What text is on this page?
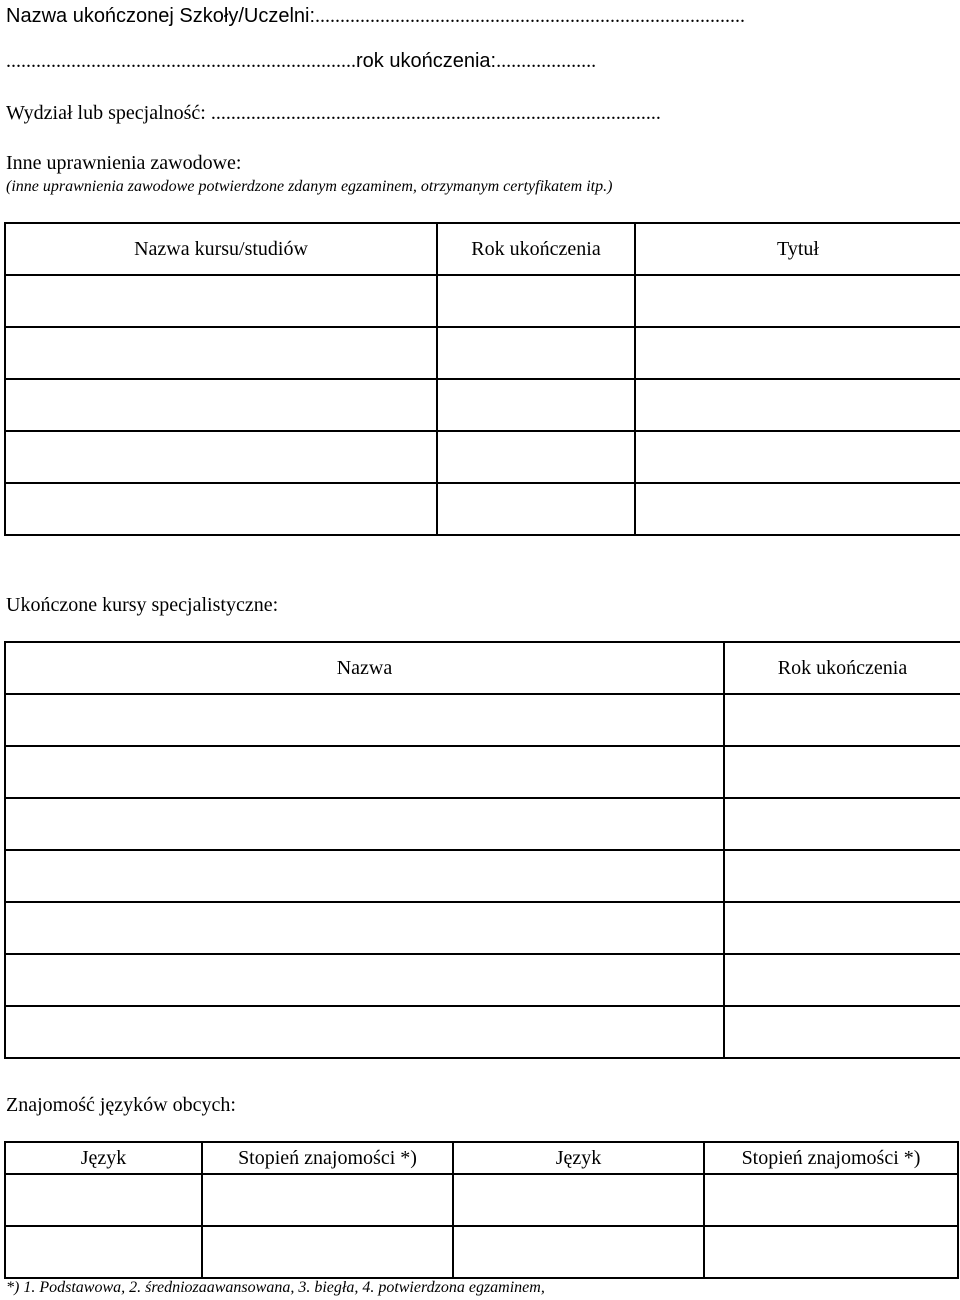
Nazwa ukończonej Szkoły/Uczelni:......................................................................................
......................................................................rok ukończenia:....................
Wydział lub specjalność: ..........................................................................................
Inne uprawnienia zawodowe:
(inne uprawnienia zawodowe potwierdzone zdanym egzaminem, otrzymanym certyfikatem itp.)
Nazwa kursu/studiów	Rok ukończenia	Tytuł

Ukończone kursy specjalistyczne:
Nazwa	Rok ukończenia

Znajomość języków obcych:
Język	Stopień znajomości *)	Język	Stopień znajomości *)

*) 1. Podstawowa, 2. średniozaawansowana, 3. biegła, 4. potwierdzona egzaminem,
